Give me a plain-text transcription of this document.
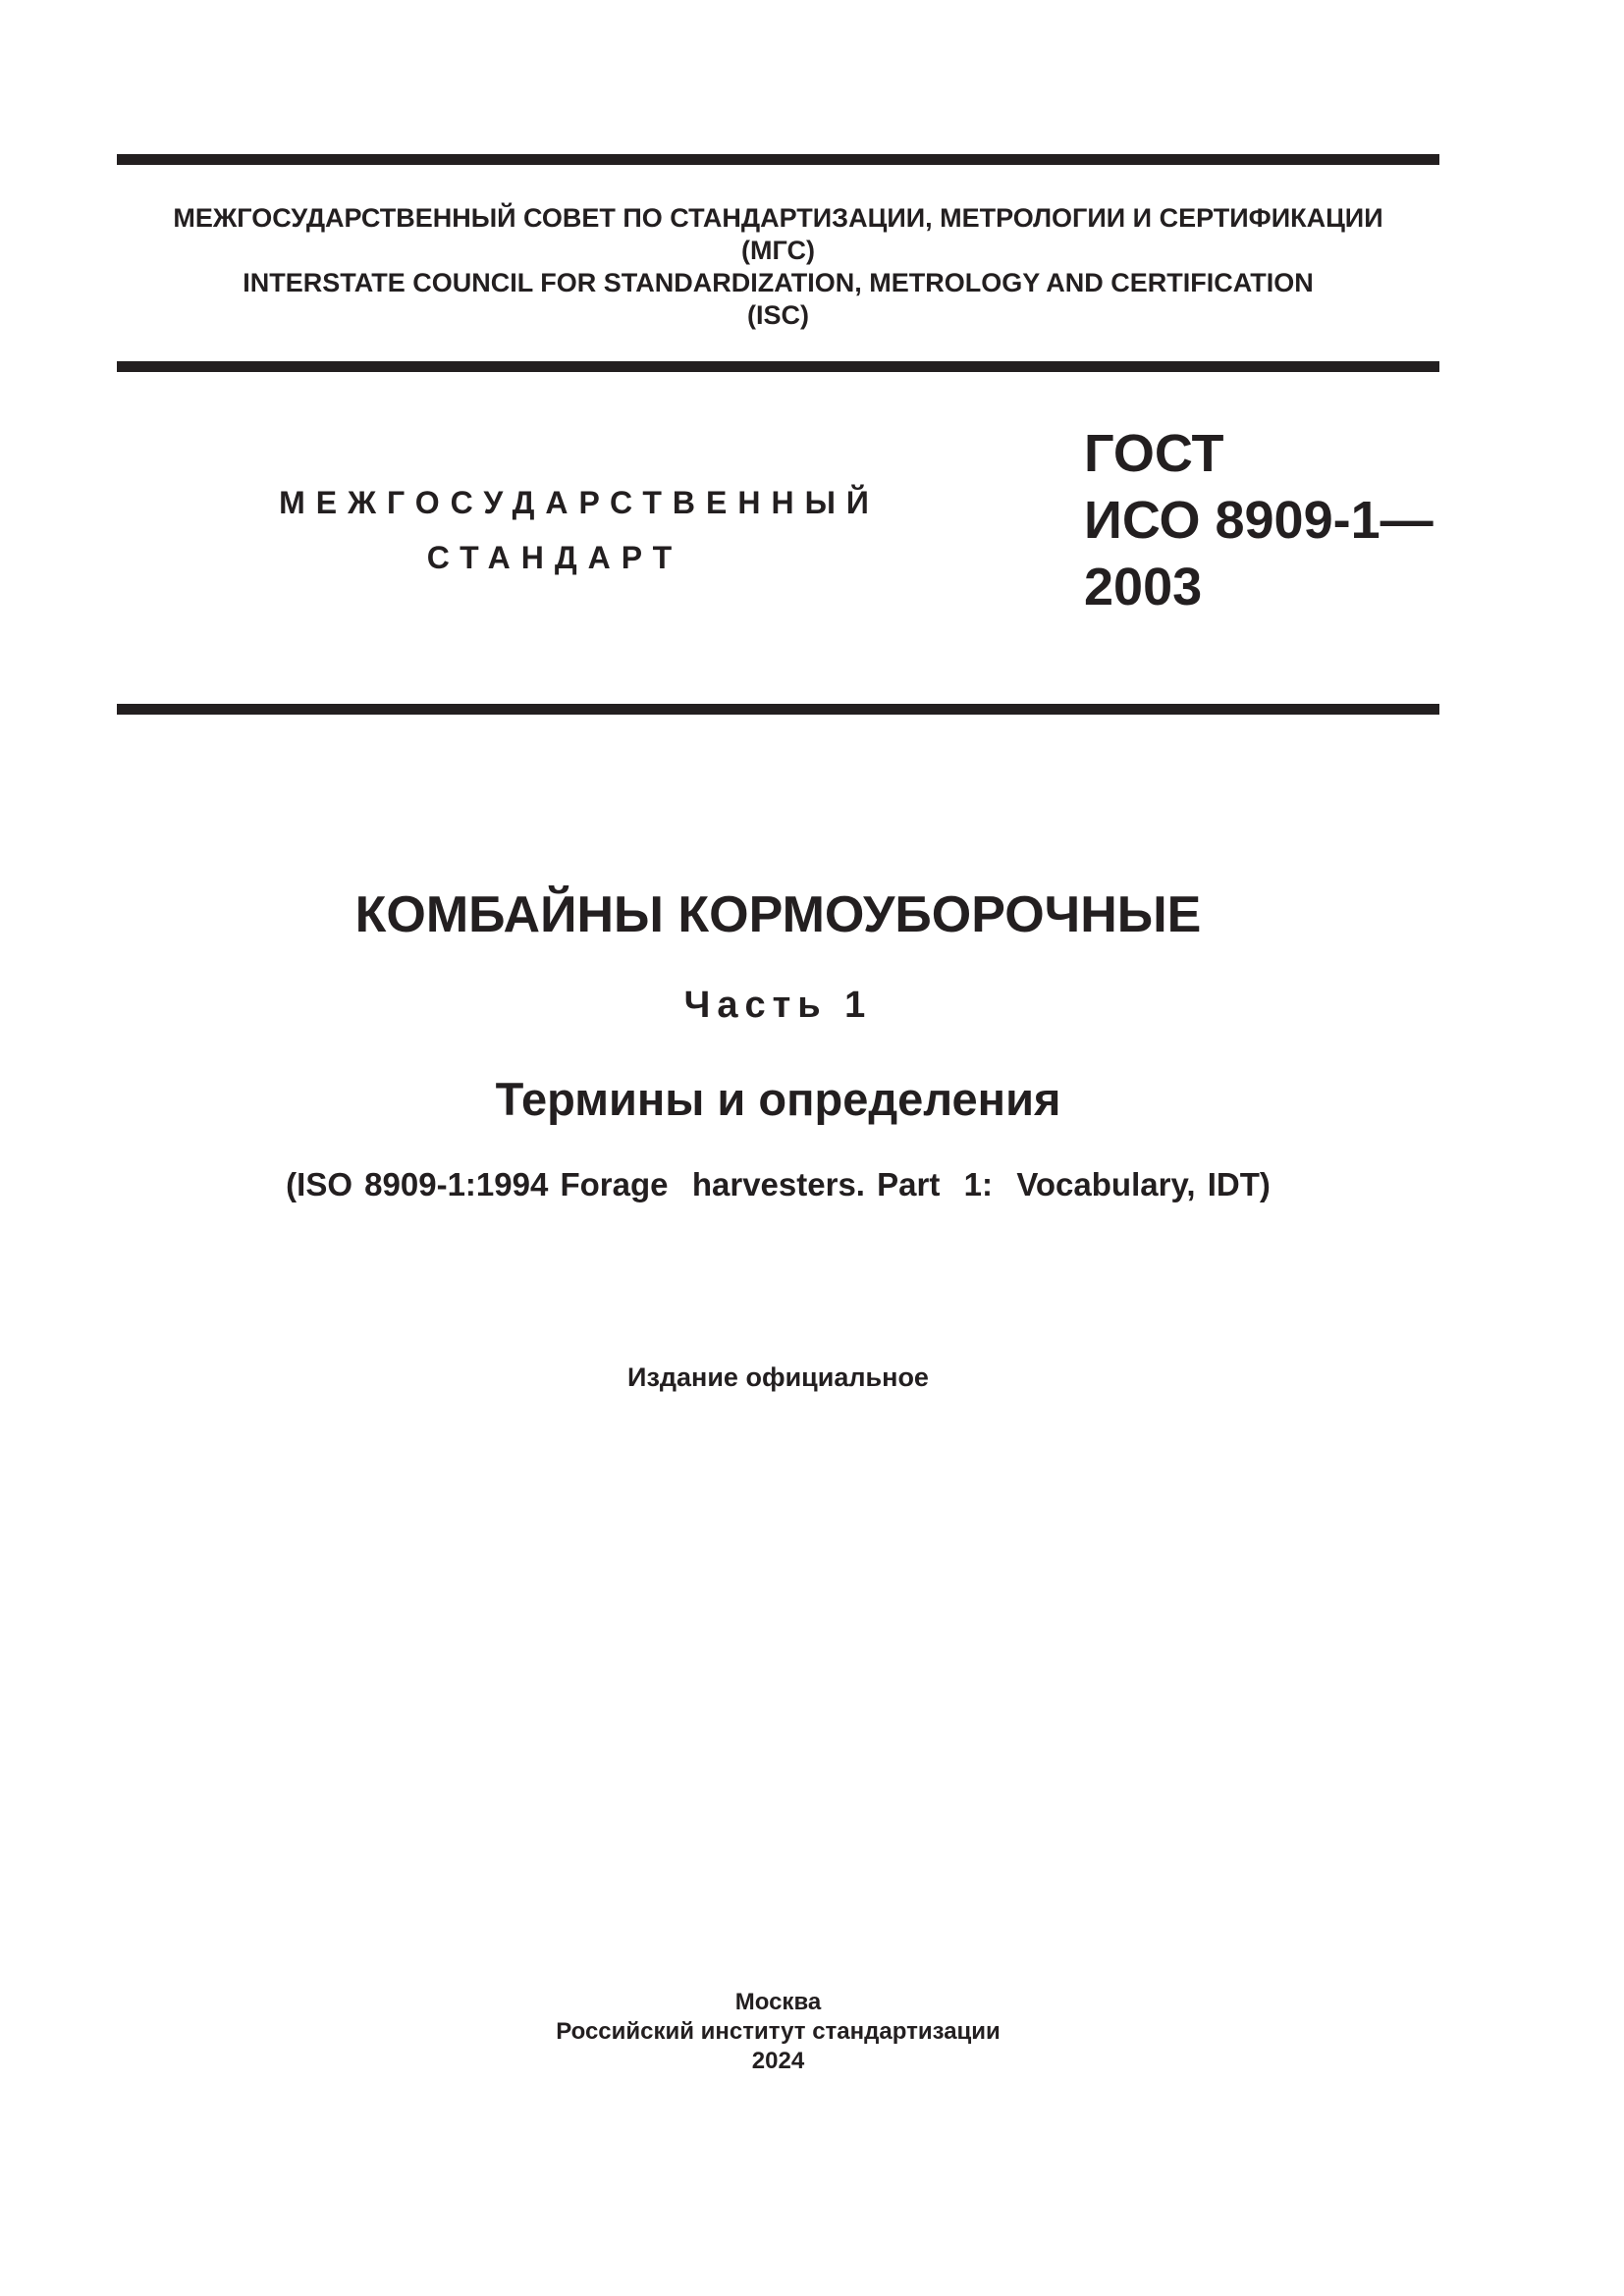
МЕЖГОСУДАРСТВЕННЫЙ СОВЕТ ПО СТАНДАРТИЗАЦИИ, МЕТРОЛОГИИ И СЕРТИФИКАЦИИ
(МГС)
INTERSTATE COUNCIL FOR STANDARDIZATION, METROLOGY AND CERTIFICATION
(ISC)
МЕЖГОСУДАРСТВЕННЫЙ
СТАНДАРТ
ГОСТ
ИСО 8909-1—
2003
КОМБАЙНЫ КОРМОУБОРОЧНЫЕ
Часть 1
Термины и определения
(ISO 8909-1:1994 Forage  harvesters. Part  1:  Vocabulary, IDT)
Издание официальное
Москва
Российский институт стандартизации
2024
